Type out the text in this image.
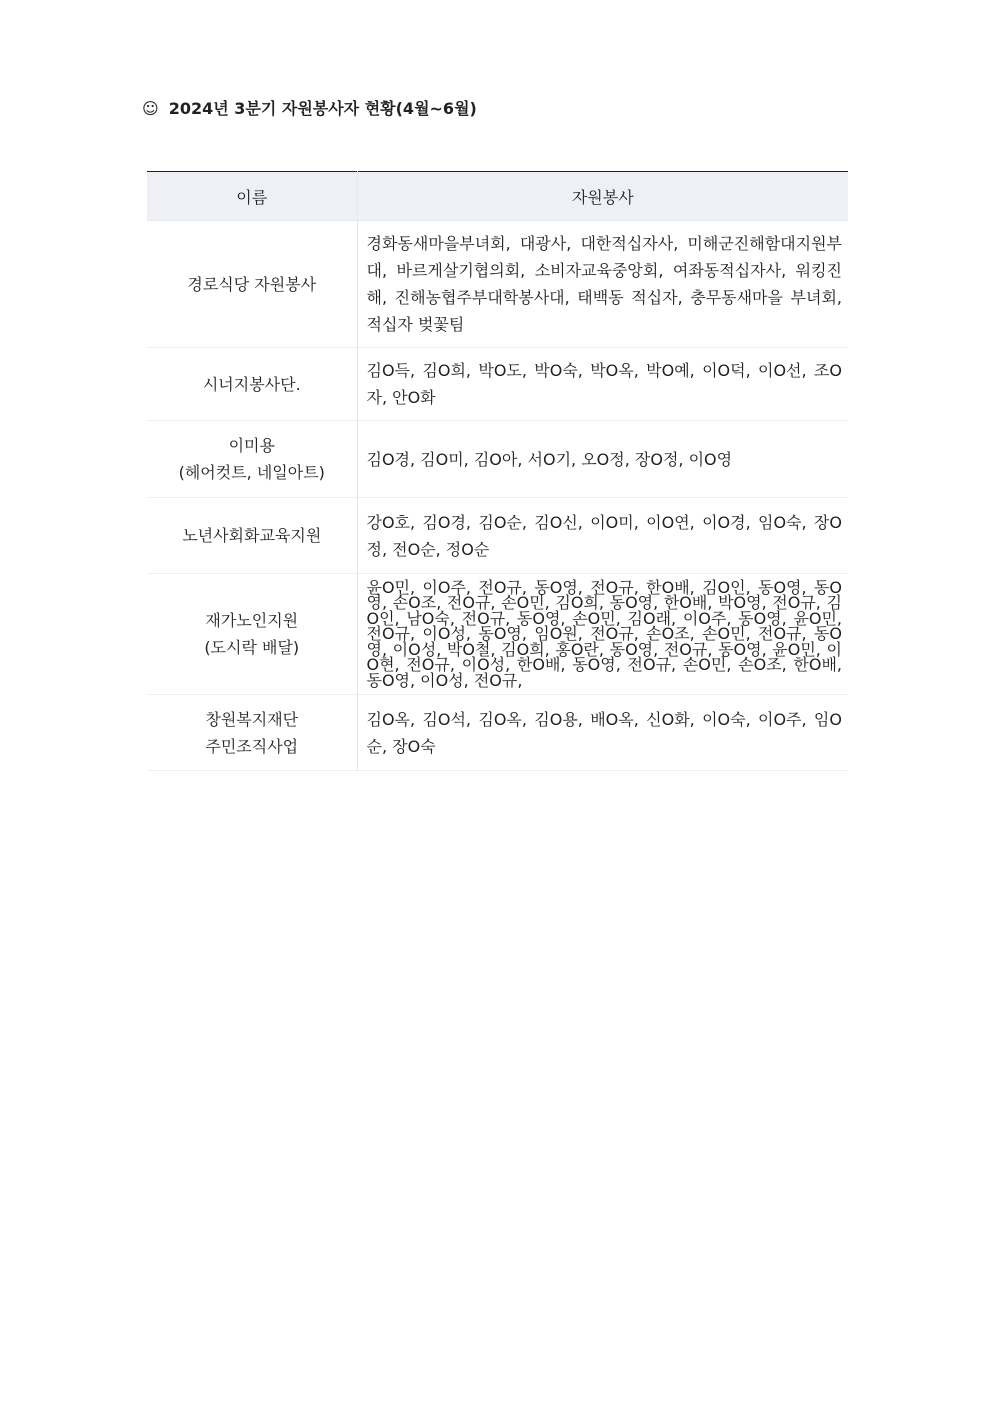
☺ 2024년 3분기 자원봉사자 현황(4월~6월)
이름	자원봉사

경로식당 자원봉사	경화동새마을부녀회, 대광사, 대한적십자사, 미해군진해함대지원부대, 바르게살기협의회, 소비자교육중앙회, 여좌동적십자사, 워킹진해, 진해농협주부대학봉사대, 태백동 적십자, 충무동새마을 부녀회, 적십자 벚꽃팀

시너지봉사단.	김O득, 김O희, 박O도, 박O숙, 박O옥, 박O예, 이O덕, 이O선, 조O자, 안O화

이미용
(헤어컷트, 네일아트)	김O경, 김O미, 김O아, 서O기, 오O정, 장O정, 이O영

노년사회화교육지원	강O호, 김O경, 김O순, 김O신, 이O미, 이O연, 이O경, 임O숙, 장O정, 전O순, 정O순

재가노인지원
(도시락 배달)	윤O민, 이O주, 전O규, 동O영, 전O규, 한O배, 김O인, 동O영, 동O영, 손O조, 전O규, 손O민, 김O희, 동O영, 한O배, 박O영, 전O규, 김O인, 남O숙, 전O규, 동O영, 손O민, 김O래, 이O주, 동O영, 윤O민, 전O규, 이O성, 동O영, 임O원, 전O규, 손O조, 손O민, 전O규, 동O영, 이O성, 박O철, 김O희, 홍O란, 동O영, 전O규, 동O영, 윤O민, 이O현, 전O규, 이O성, 한O배, 동O영, 전O규, 손O민, 손O조, 한O배, 동O영, 이O성, 전O규,

창원복지재단
주민조직사업	김O옥, 김O석, 김O옥, 김O용, 배O옥, 신O화, 이O숙, 이O주, 임O순, 장O숙
